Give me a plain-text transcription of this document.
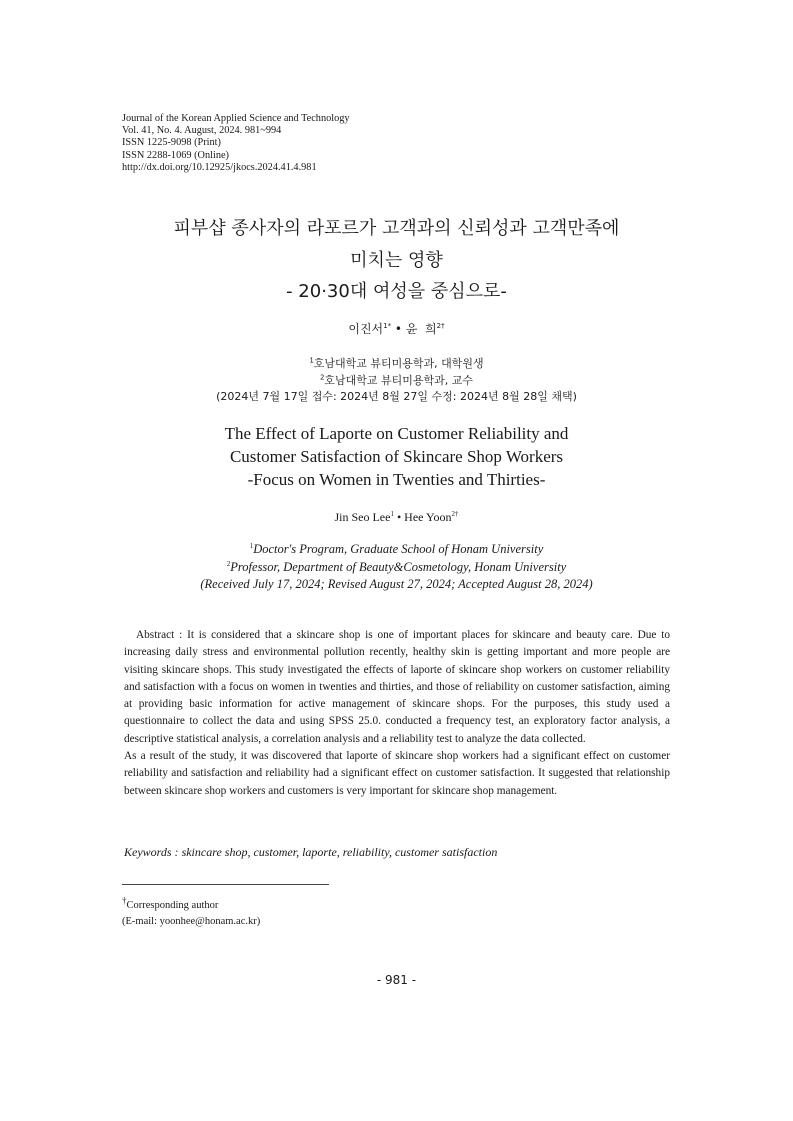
Journal of the Korean Applied Science and Technology
Vol. 41, No. 4. August, 2024. 981~994
ISSN 1225-9098 (Print)
ISSN 2288-1069 (Online)
http://dx.doi.org/10.12925/jkocs.2024.41.4.981
피부샵 종사자의 라포르가 고객과의 신뢰성과 고객만족에
미치는 영향
- 20·30대 여성을 중심으로-
이진서$^{1*}$ • 윤  희$^{2\dagger}$
$^1$호남대학교 뷰티미용학과, 대학원생
$^2$호남대학교 뷰티미용학과, 교수
(2024년 7월 17일 접수: 2024년 8월 27일 수정: 2024년 8월 28일 채택)
The Effect of Laporte on Customer Reliability and
Customer Satisfaction of Skincare Shop Workers
-Focus on Women in Twenties and Thirties-
Jin Seo Lee$^1$ • Hee Yoon$^{2\dagger}$
$^1$Doctor's Program, Graduate School of Honam University
$^2$Professor, Department of Beauty&Cosmetology, Honam University
(Received July 17, 2024; Revised August 27, 2024; Accepted August 28, 2024)

Abstract : It is considered that a skincare shop is one of important places for skincare and beauty care. Due to increasing daily stress and environmental pollution recently, healthy skin is getting important and more people are visiting skincare shops. This study investigated the effects of laporte of skincare shop workers on customer reliability and satisfaction with a focus on women in twenties and thirties, and those of reliability on customer satisfaction, aiming at providing basic information for active management of skincare shops. For the purposes, this study used a questionnaire to collect the data and using SPSS 25.0. conducted a frequency test, an exploratory factor analysis, a descriptive statistical analysis, a correlation analysis and a reliability test to analyze the data collected.

As a result of the study, it was discovered that laporte of skincare shop workers had a significant effect on customer reliability and satisfaction and reliability had a significant effect on customer satisfaction. It suggested that relationship between skincare shop workers and customers is very important for skincare shop management.

Keywords : skincare shop, customer, laporte, reliability, customer satisfaction
†Corresponding author
(E-mail: yoonhee@honam.ac.kr)
- 981 -
